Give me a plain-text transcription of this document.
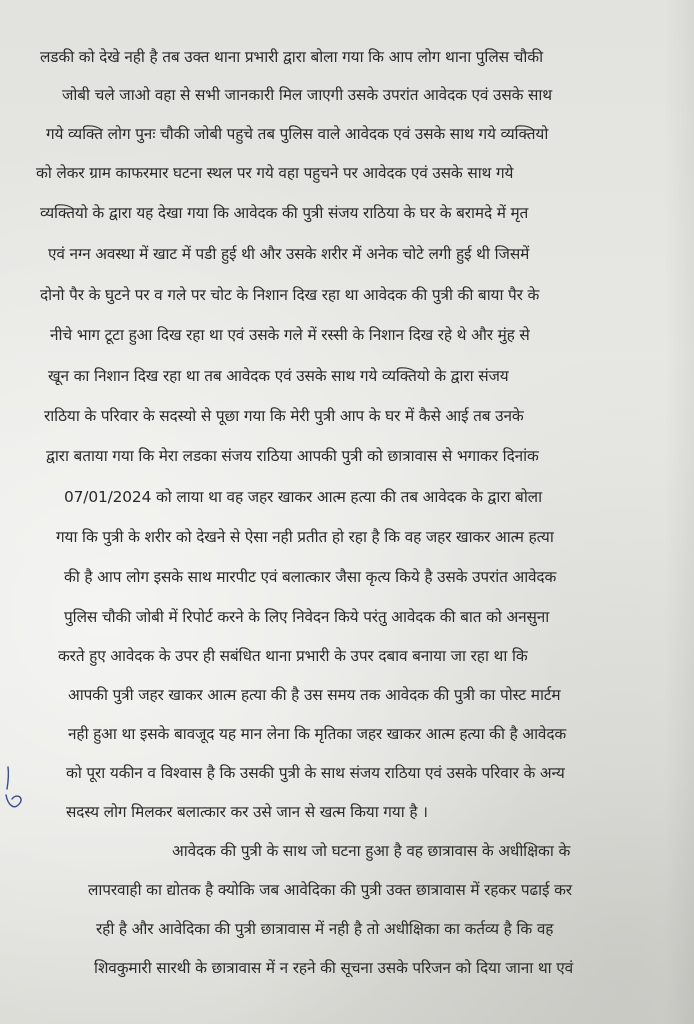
लडकी को देखे नही है तब उक्त थाना प्रभारी द्वारा बोला गया कि आप लोग थाना पुलिस चौकी
जोबी चले जाओ वहा से सभी जानकारी मिल जाएगी उसके उपरांत आवेदक एवं उसके साथ
गये व्यक्ति लोग पुनः चौकी जोबी पहुचे तब पुलिस वाले आवेदक एवं उसके साथ गये व्यक्तियो
को लेकर ग्राम काफरमार घटना स्थल पर गये वहा पहुचने पर आवेदक एवं उसके साथ गये
व्यक्तियो के द्वारा यह देखा गया कि आवेदक की पुत्री संजय राठिया के घर के बरामदे में मृत
एवं नग्न अवस्था में खाट में पडी हुई थी और उसके शरीर में अनेक चोटे लगी हुई थी जिसमें
दोनो पैर के घुटने पर व गले पर चोट के निशान दिख रहा था आवेदक की पुत्री की बाया पैर के
नीचे भाग टूटा हुआ दिख रहा था एवं उसके गले में रस्सी के निशान दिख रहे थे और मुंह से
खून का निशान दिख रहा था तब आवेदक एवं उसके साथ गये व्यक्तियो के द्वारा संजय
राठिया के परिवार के सदस्यो से पूछा गया कि मेरी पुत्री आप के घर में कैसे आई तब उनके
द्वारा बताया गया कि मेरा लडका संजय राठिया आपकी पुत्री को छात्रावास से भगाकर दिनांक
07/01/2024 को लाया था वह जहर खाकर आत्म हत्या की तब आवेदक के द्वारा बोला
गया कि पुत्री के शरीर को देखने से ऐसा नही प्रतीत हो रहा है कि वह जहर खाकर आत्म हत्या
की है आप लोग इसके साथ मारपीट एवं बलात्कार जैसा कृत्य किये है उसके उपरांत आवेदक
पुलिस चौकी जोबी में रिपोर्ट करने के लिए निवेदन किये परंतु आवेदक की बात को अनसुना
करते हुए आवेदक के उपर ही सबंधित थाना प्रभारी के उपर दबाव बनाया जा रहा था कि
आपकी पुत्री जहर खाकर आत्म हत्या की है उस समय तक आवेदक की पुत्री का पोस्ट मार्टम
नही हुआ था इसके बावजूद यह मान लेना कि मृतिका जहर खाकर आत्म हत्या की है आवेदक
को पूरा यकीन व विश्वास है कि उसकी पुत्री के साथ संजय राठिया एवं उसके परिवार के अन्य
सदस्य लोग मिलकर बलात्कार कर उसे जान से खत्म किया गया है ।
आवेदक की पुत्री के साथ जो घटना हुआ है वह छात्रावास के अधीक्षिका के
लापरवाही का द्योतक है क्योकि जब आवेदिका की पुत्री उक्त छात्रावास में रहकर पढाई कर
रही है और आवेदिका की पुत्री छात्रावास में नही है तो अधीक्षिका का कर्तव्य है कि वह
शिवकुमारी सारथी के छात्रावास में न रहने की सूचना उसके परिजन को दिया जाना था एवं
